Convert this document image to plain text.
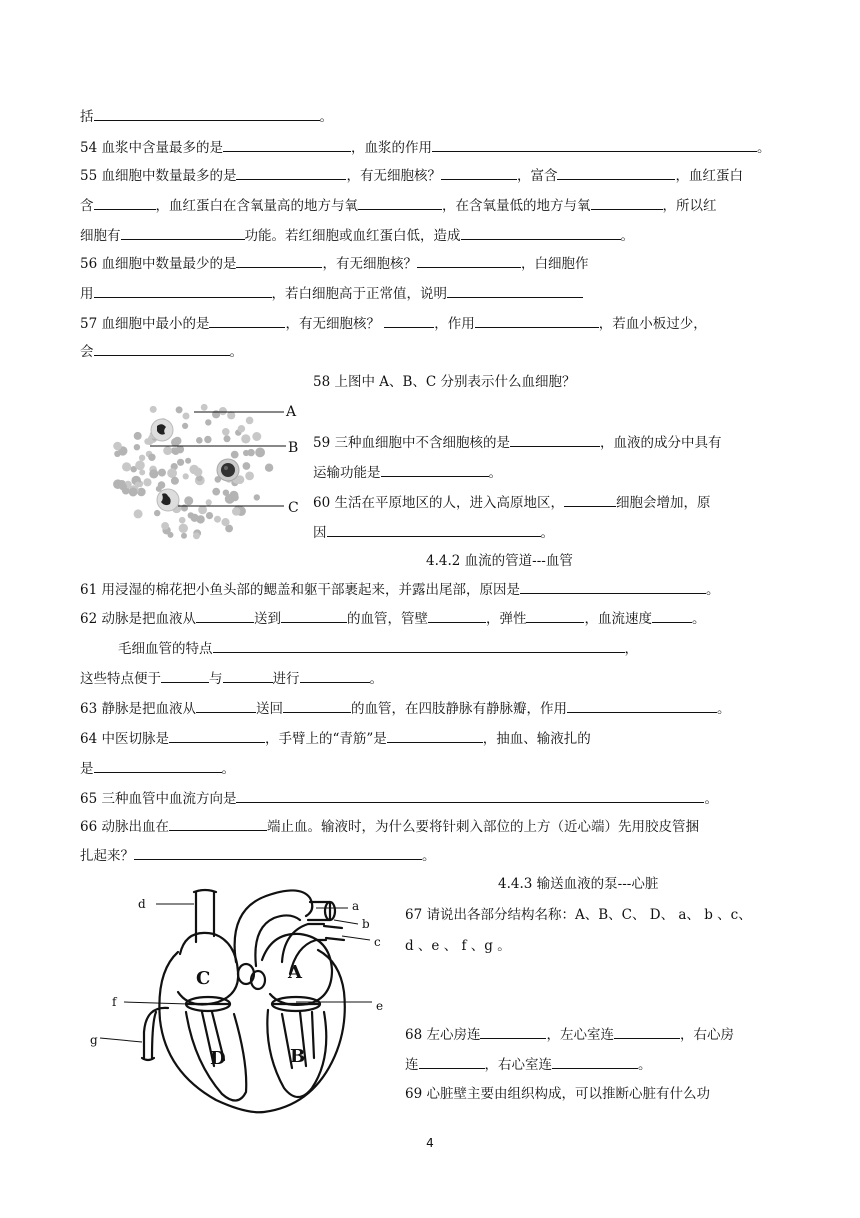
括	。
54 血浆中含量最多的是	，血浆的作用	。
55 血细胞中数量最多的是	，有无细胞核？	，富含	，血红蛋白
含	，血红蛋白在含氧量高的地方与氧	，在含氧量低的地方与氧	，所以红
细胞有	功能。若红细胞或血红蛋白低，造成	。
56 血细胞中数量最少的是	，有无细胞核？	，白细胞作
用	，若白细胞高于正常值，说明
57 血细胞中最小的是	，有无细胞核？	，作用	，若血小板过少，
会	。
A
B
C
58 上图中 A、B、C 分别表示什么血细胞？
59 三种血细胞中不含细胞核的是	，血液的成分中具有
运输功能是	。
60 生活在平原地区的人，进入高原地区，	细胞会增加，原
因	。
4.4.2 血流的管道---血管
61 用浸湿的棉花把小鱼头部的鳃盖和躯干部裹起来，并露出尾部，原因是	。
62 动脉是把血液从	送到	的血管，管壁	，弹性	，血流速度	。
毛细血管的特点	，
这些特点便于	与	进行	。
63 静脉是把血液从	送回	的血管，在四肢静脉有静脉瓣，作用	。
64 中医切脉是	，手臂上的“青筋”是	，抽血、输液扎的
是	。
65 三种血管中血流方向是	。
66 动脉出血在	端止血。输液时，为什么要将针刺入部位的上方（近心端）先用胶皮管捆
扎起来？	。
4.4.3 输送血液的泵---心脏
d	a
b
c
f	e
g
A
B
C
D
67 请说出各部分结构名称：A、B、C、 D、 a、 b 、c、
d 、e 、 f 、g 。
68 左心房连	，左心室连	，右心房
连	，右心室连	。
69 心脏壁主要由组织构成，可以推断心脏有什么功
4
